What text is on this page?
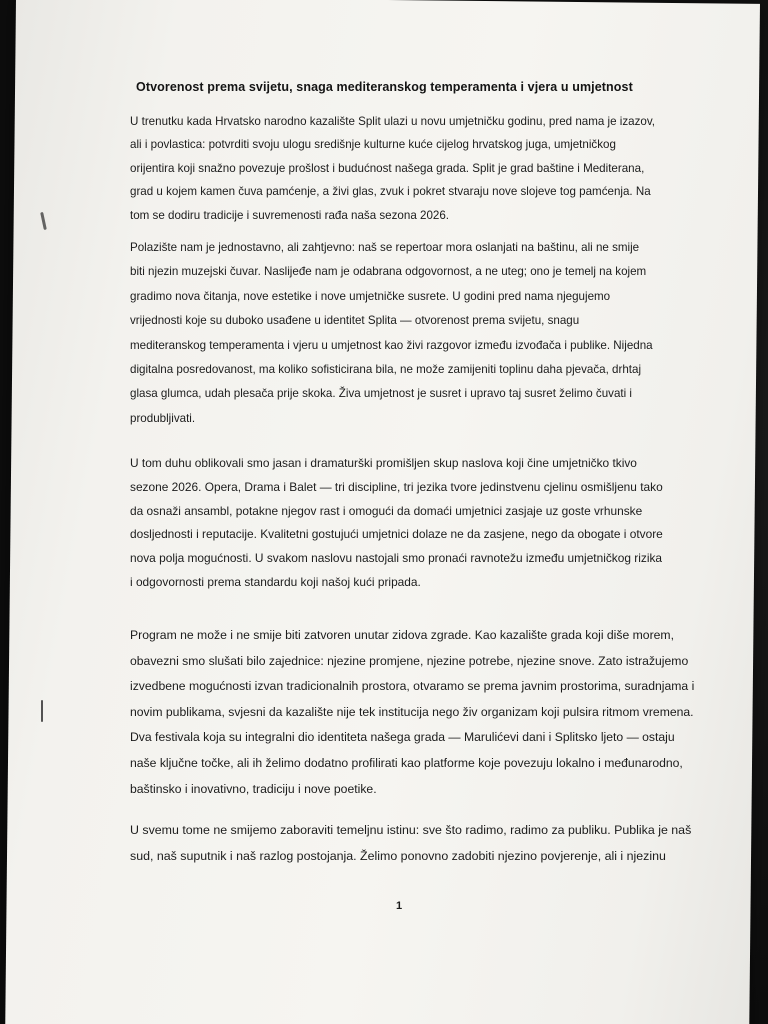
Otvorenost prema svijetu, snaga mediteranskog temperamenta i vjera u umjetnost

U trenutku kada Hrvatsko narodno kazalište Split ulazi u novu umjetničku godinu, pred nama je izazov, ali i povlastica: potvrditi svoju ulogu središnje kulturne kuće cijelog hrvatskog juga, umjetničkog orijentira koji snažno povezuje prošlost i budućnost našega grada. Split je grad baštine i Mediterana, grad u kojem kamen čuva pamćenje, a živi glas, zvuk i pokret stvaraju nove slojeve tog pamćenja. Na tom se dodiru tradicije i suvremenosti rađa naša sezona 2026.

Polazište nam je jednostavno, ali zahtjevno: naš se repertoar mora oslanjati na baštinu, ali ne smije biti njezin muzejski čuvar. Naslijeđe nam je odabrana odgovornost, a ne uteg; ono je temelj na kojem gradimo nova čitanja, nove estetike i nove umjetničke susrete. U godini pred nama njegujemo vrijednosti koje su duboko usađene u identitet Splita — otvorenost prema svijetu, snagu mediteranskog temperamenta i vjeru u umjetnost kao živi razgovor između izvođača i publike. Nijedna digitalna posredovanost, ma koliko sofisticirana bila, ne može zamijeniti toplinu daha pjevača, drhtaj glasa glumca, udah plesača prije skoka. Živa umjetnost je susret i upravo taj susret želimo čuvati i produbljivati.

U tom duhu oblikovali smo jasan i dramaturški promišljen skup naslova koji čine umjetničko tkivo sezone 2026. Opera, Drama i Balet — tri discipline, tri jezika tvore jedinstvenu cjelinu osmišljenu tako da osnaži ansambl, potakne njegov rast i omogući da domaći umjetnici zasjaje uz goste vrhunske dosljednosti i reputacije. Kvalitetni gostujući umjetnici dolaze ne da zasjene, nego da obogate i otvore nova polja mogućnosti. U svakom naslovu nastojali smo pronaći ravnotežu između umjetničkog rizika i odgovornosti prema standardu koji našoj kući pripada.

Program ne može i ne smije biti zatvoren unutar zidova zgrade. Kao kazalište grada koji diše morem, obavezni smo slušati bilo zajednice: njezine promjene, njezine potrebe, njezine snove. Zato istražujemo izvedbene mogućnosti izvan tradicionalnih prostora, otvaramo se prema javnim prostorima, suradnjama i novim publikama, svjesni da kazalište nije tek institucija nego živ organizam koji pulsira ritmom vremena. Dva festivala koja su integralni dio identiteta našega grada — Marulićevi dani i Splitsko ljeto — ostaju naše ključne točke, ali ih želimo dodatno profilirati kao platforme koje povezuju lokalno i međunarodno, baštinsko i inovativno, tradiciju i nove poetike.

U svemu tome ne smijemo zaboraviti temeljnu istinu: sve što radimo, radimo za publiku. Publika je naš sud, naš suputnik i naš razlog postojanja. Želimo ponovno zadobiti njezino povjerenje, ali i njezinu

1
